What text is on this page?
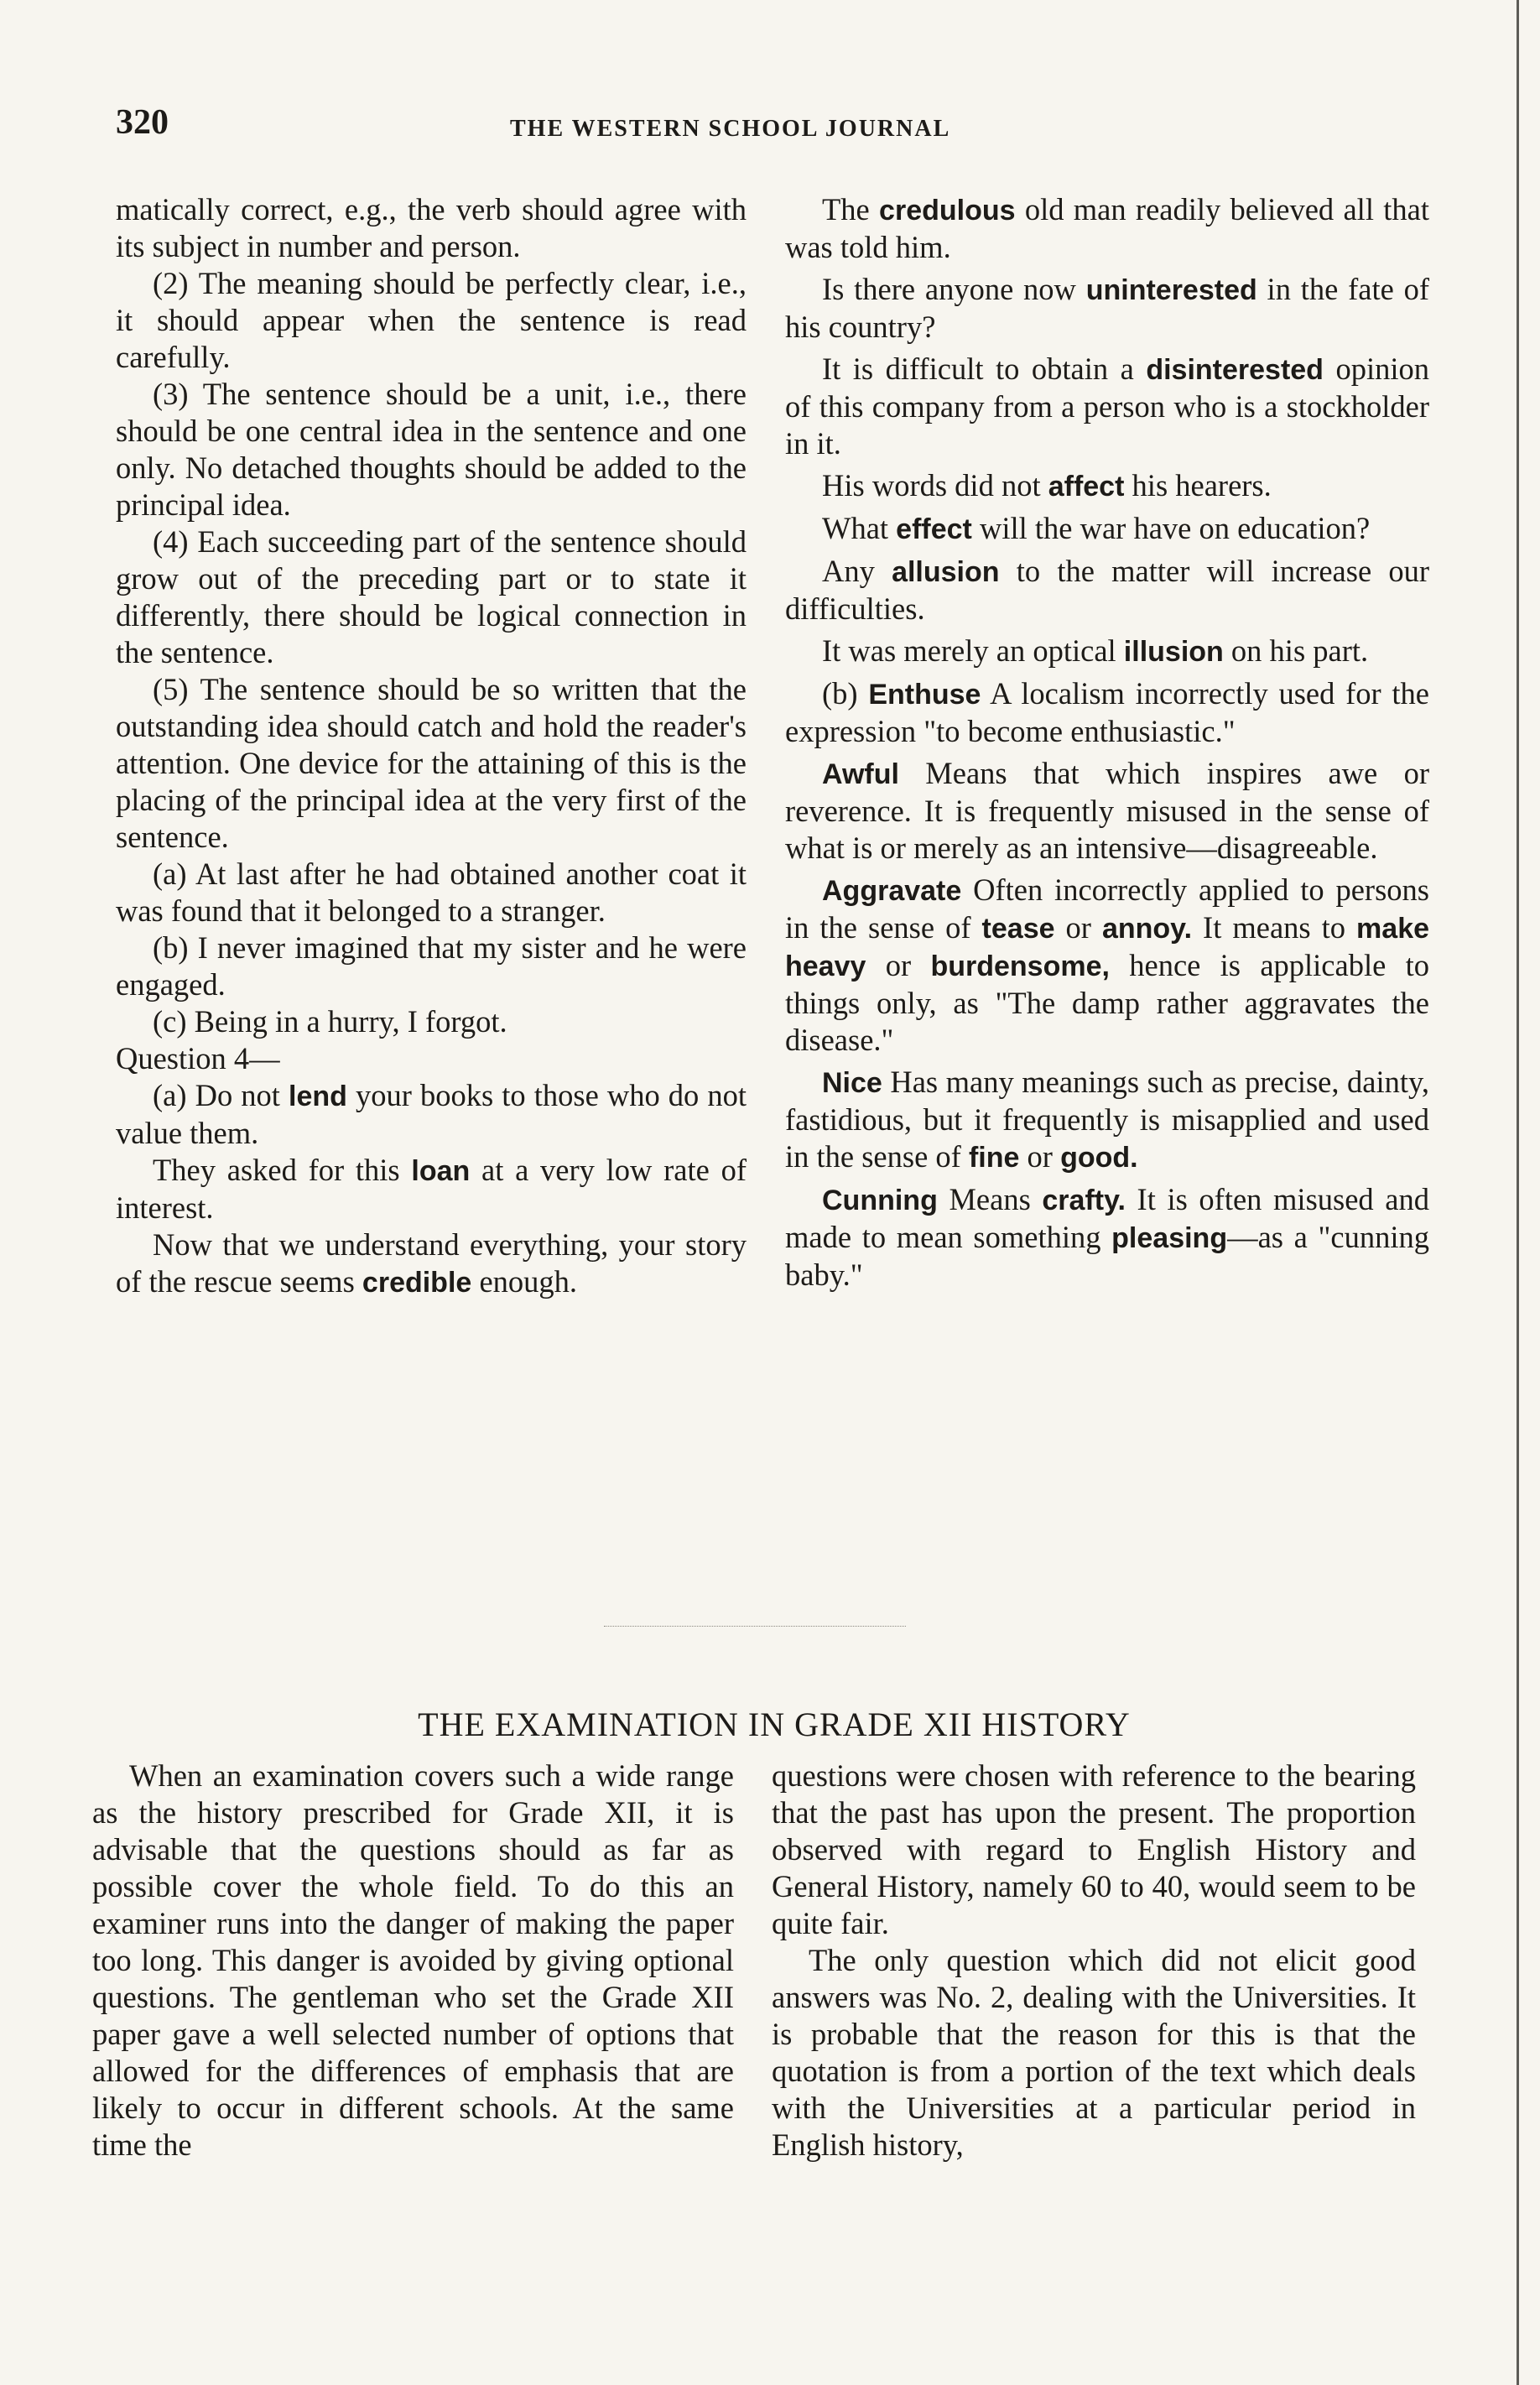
320	THE WESTERN SCHOOL JOURNAL

matically correct, e.g., the verb should agree with its subject in number and person.

(2) The meaning should be perfectly clear, i.e., it should appear when the sentence is read carefully.

(3) The sentence should be a unit, i.e., there should be one central idea in the sentence and one only. No detached thoughts should be added to the principal idea.

(4) Each succeeding part of the sentence should grow out of the preceding part or to state it differently, there should be logical connection in the sentence.

(5) The sentence should be so written that the outstanding idea should catch and hold the reader's attention. One device for the attaining of this is the placing of the principal idea at the very first of the sentence.

(a) At last after he had obtained another coat it was found that it belonged to a stranger.

(b) I never imagined that my sister and he were engaged.

(c) Being in a hurry, I forgot.

Question 4—

(a) Do not lend your books to those who do not value them.

They asked for this loan at a very low rate of interest.

Now that we understand everything, your story of the rescue seems credible enough.

The credulous old man readily believed all that was told him.

Is there anyone now uninterested in the fate of his country?

It is difficult to obtain a disinterested opinion of this company from a person who is a stockholder in it.

His words did not affect his hearers.

What effect will the war have on education?

Any allusion to the matter will increase our difficulties.

It was merely an optical illusion on his part.

(b) Enthuse A localism incorrectly used for the expression "to become enthusiastic."

Awful Means that which inspires awe or reverence. It is frequently misused in the sense of what is or merely as an intensive—disagreeable.

Aggravate Often incorrectly applied to persons in the sense of tease or annoy. It means to make heavy or burdensome, hence is applicable to things only, as "The damp rather aggravates the disease."

Nice Has many meanings such as precise, dainty, fastidious, but it frequently is misapplied and used in the sense of fine or good.

Cunning Means crafty. It is often misused and made to mean something pleasing—as a "cunning baby."

THE EXAMINATION IN GRADE XII HISTORY

When an examination covers such a wide range as the history prescribed for Grade XII, it is advisable that the questions should as far as possible cover the whole field. To do this an examiner runs into the danger of making the paper too long. This danger is avoided by giving optional questions. The gentleman who set the Grade XII paper gave a well selected number of options that allowed for the differences of emphasis that are likely to occur in different schools. At the same time the

questions were chosen with reference to the bearing that the past has upon the present. The proportion observed with regard to English History and General History, namely 60 to 40, would seem to be quite fair.

The only question which did not elicit good answers was No. 2, dealing with the Universities. It is probable that the reason for this is that the quotation is from a portion of the text which deals with the Universities at a particular period in English history,
